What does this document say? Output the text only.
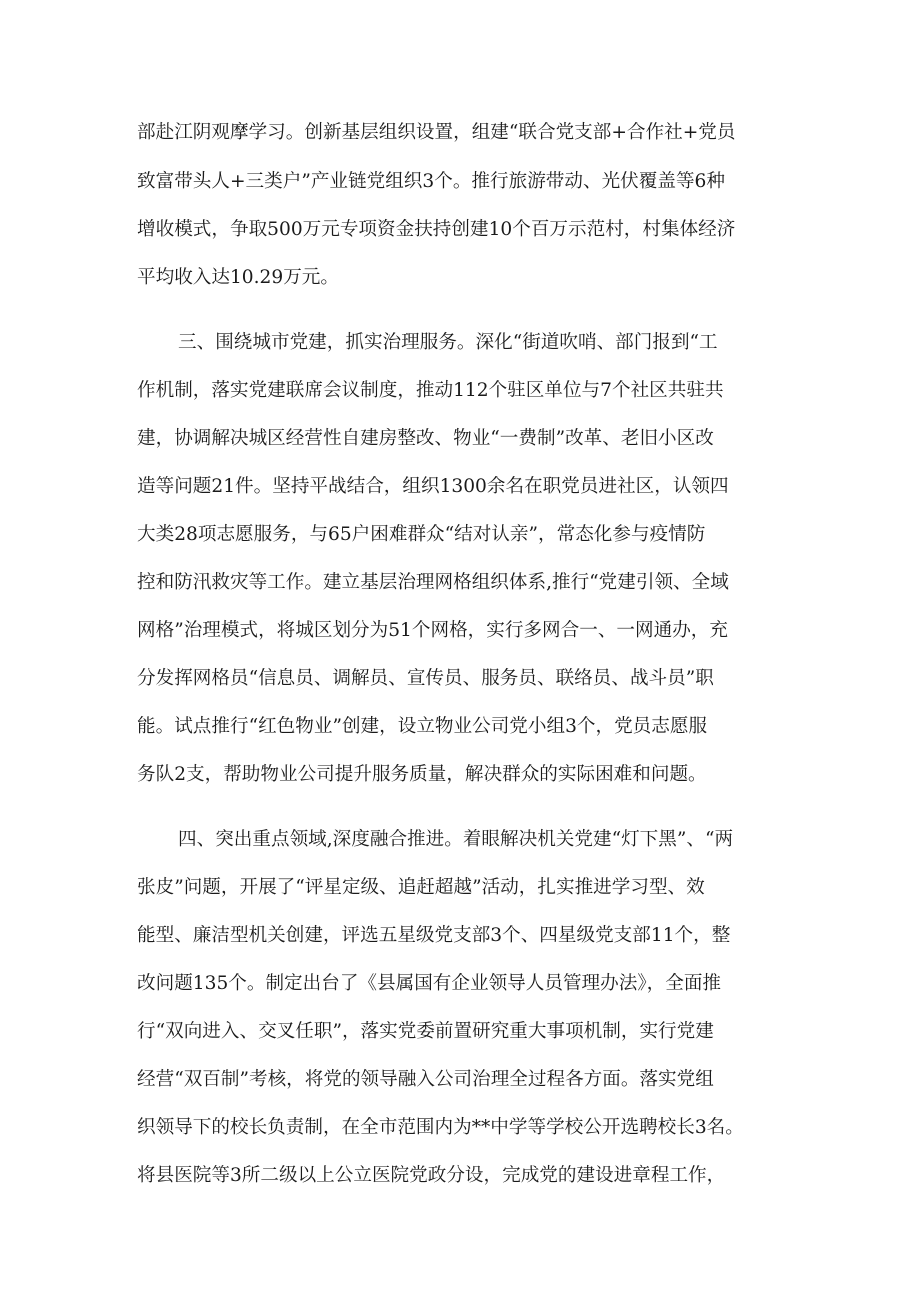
部赴江阴观摩学习。创新基层组织设置，组建“联合党支部+合作社+党员
致富带头人+三类户”产业链党组织3个。推行旅游带动、光伏覆盖等6种
增收模式，争取500万元专项资金扶持创建10个百万示范村，村集体经济
平均收入达10.29万元。
三、围绕城市党建，抓实治理服务。深化“街道吹哨、部门报到“工
作机制，落实党建联席会议制度，推动112个驻区单位与7个社区共驻共
建，协调解决城区经营性自建房整改、物业“一费制”改革、老旧小区改
造等问题21件。坚持平战结合，组织1300余名在职党员进社区，认领四
大类28项志愿服务，与65户困难群众“结对认亲”，常态化参与疫情防
控和防汛救灾等工作。建立基层治理网格组织体系,推行“党建引领、全域
网格”治理模式，将城区划分为51个网格，实行多网合一、一网通办，充
分发挥网格员“信息员、调解员、宣传员、服务员、联络员、战斗员”职
能。试点推行“红色物业”创建，设立物业公司党小组3个，党员志愿服
务队2支，帮助物业公司提升服务质量，解决群众的实际困难和问题。
四、突出重点领域,深度融合推进。着眼解决机关党建“灯下黑”、“两
张皮”问题，开展了“评星定级、追赶超越”活动，扎实推进学习型、效
能型、廉洁型机关创建，评选五星级党支部3个、四星级党支部11个，整
改问题135个。制定出台了《县属国有企业领导人员管理办法》，全面推
行“双向进入、交叉任职”，落实党委前置研究重大事项机制，实行党建
经营“双百制”考核，将党的领导融入公司治理全过程各方面。落实党组
织领导下的校长负责制，在全市范围内为**中学等学校公开选聘校长3名。
将县医院等3所二级以上公立医院党政分设，完成党的建设进章程工作，
